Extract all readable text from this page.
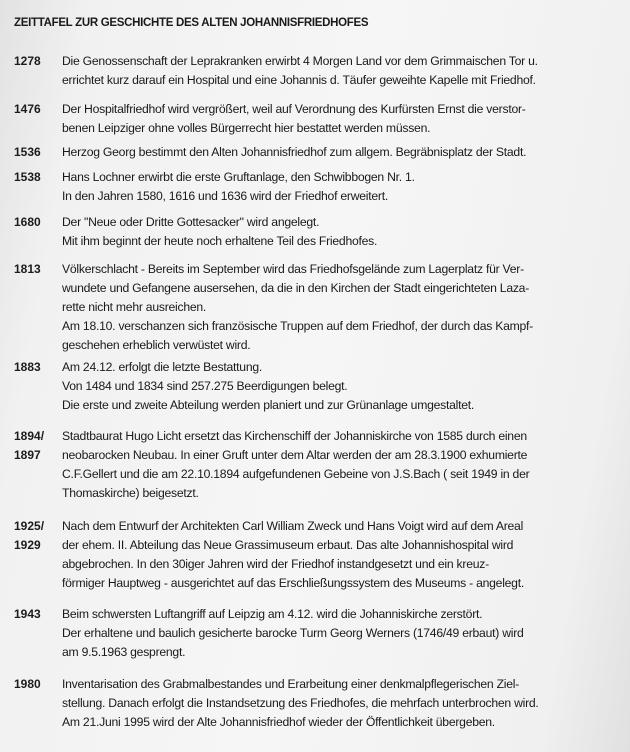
ZEITTAFEL ZUR GESCHICHTE DES ALTEN JOHANNISFRIEDHOFES
1278 Die Genossenschaft der Leprakranken erwirbt 4 Morgen Land vor dem Grimmaischen Tor u.
errichtet kurz darauf ein Hospital und eine Johannis d. Täufer geweihte Kapelle mit Friedhof.
1476 Der Hospitalfriedhof wird vergrößert, weil auf Verordnung des Kurfürsten Ernst die verstor-
benen Leipziger ohne volles Bürgerrecht hier bestattet werden müssen.
1536 Herzog Georg bestimmt den Alten Johannisfriedhof zum allgem. Begräbnisplatz der Stadt.
1538 Hans Lochner erwirbt die erste Gruftanlage, den Schwibbogen Nr. 1.
In den Jahren 1580, 1616 und 1636 wird der Friedhof erweitert.
1680 Der "Neue oder Dritte Gottesacker" wird angelegt.
Mit ihm beginnt der heute noch erhaltene Teil des Friedhofes.
1813 Völkerschlacht - Bereits im September wird das Friedhofsgelände zum Lagerplatz für Ver-
wundete und Gefangene ausersehen, da die in den Kirchen der Stadt eingerichteten Laza-
rette nicht mehr ausreichen.
Am 18.10. verschanzen sich französische Truppen auf dem Friedhof, der durch das Kampf-
geschehen erheblich verwüstet wird.
1883 Am 24.12. erfolgt die letzte Bestattung.
Von 1484 und 1834 sind 257.275 Beerdigungen belegt.
Die erste und zweite Abteilung werden planiert und zur Grünanlage umgestaltet.
1894/
1897
Stadtbaurat Hugo Licht ersetzt das Kirchenschiff der Johanniskirche von 1585 durch einen
neobarocken Neubau. In einer Gruft unter dem Altar werden der am 28.3.1900 exhumierte
C.F.Gellert und die am 22.10.1894 aufgefundenen Gebeine von J.S.Bach ( seit 1949 in der
Thomaskirche) beigesetzt.
1925/
1929
Nach dem Entwurf der Architekten Carl William Zweck und Hans Voigt wird auf dem Areal
der ehem. II. Abteilung das Neue Grassimuseum erbaut. Das alte Johannishospital wird
abgebrochen. In den 30iger Jahren wird der Friedhof instandgesetzt und ein kreuz-
förmiger Hauptweg - ausgerichtet auf das Erschließungssystem des Museums - angelegt.
1943 Beim schwersten Luftangriff auf Leipzig am 4.12. wird die Johanniskirche zerstört.
Der erhaltene und baulich gesicherte barocke Turm Georg Werners (1746/49 erbaut) wird
am 9.5.1963 gesprengt.
1980 Inventarisation des Grabmalbestandes und Erarbeitung einer denkmalpflegerischen Ziel-
stellung. Danach erfolgt die Instandsetzung des Friedhofes, die mehrfach unterbrochen wird.
Am 21.Juni 1995 wird der Alte Johannisfriedhof wieder der Öffentlichkeit übergeben.
